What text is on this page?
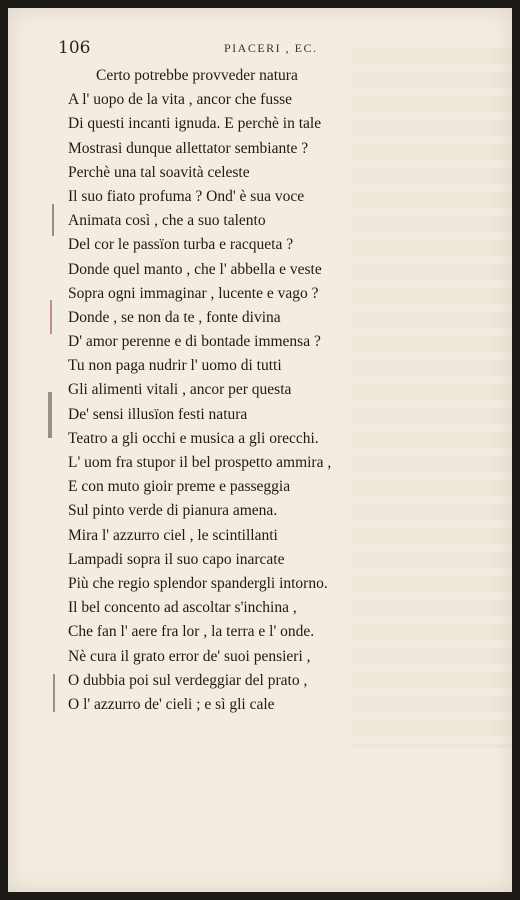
106	PIACERI , EC.
Certo potrebbe provveder natura
A l' uopo de la vita , ancor che fusse
Di questi incanti ignuda. E perchè in tale
Mostrasi dunque allettator sembiante ?
Perchè una tal soavità celeste
Il suo fiato profuma ? Ond' è sua voce
Animata così , che a suo talento
Del cor le passïon turba e racqueta ?
Donde quel manto , che l' abbella e veste
Sopra ogni immaginar , lucente e vago ?
Donde , se non da te , fonte divina
D' amor perenne e di bontade immensa ?
Tu non paga nudrir l' uomo di tutti
Gli alimenti vitali , ancor per questa
De' sensi illusïon festi natura
Teatro a gli occhi e musica a gli orecchi.
L' uom fra stupor il bel prospetto ammira ,
E con muto gioir preme e passeggia
Sul pinto verde di pianura amena.
Mira l' azzurro ciel , le scintillanti
Lampadi sopra il suo capo inarcate
Più che regio splendor spandergli intorno.
Il bel concento ad ascoltar s'inchina ,
Che fan l' aere fra lor , la terra e l' onde.
Nè cura il grato error de' suoi pensieri ,
O dubbia poi sul verdeggiar del prato ,
O l' azzurro de' cieli ; e sì gli cale
